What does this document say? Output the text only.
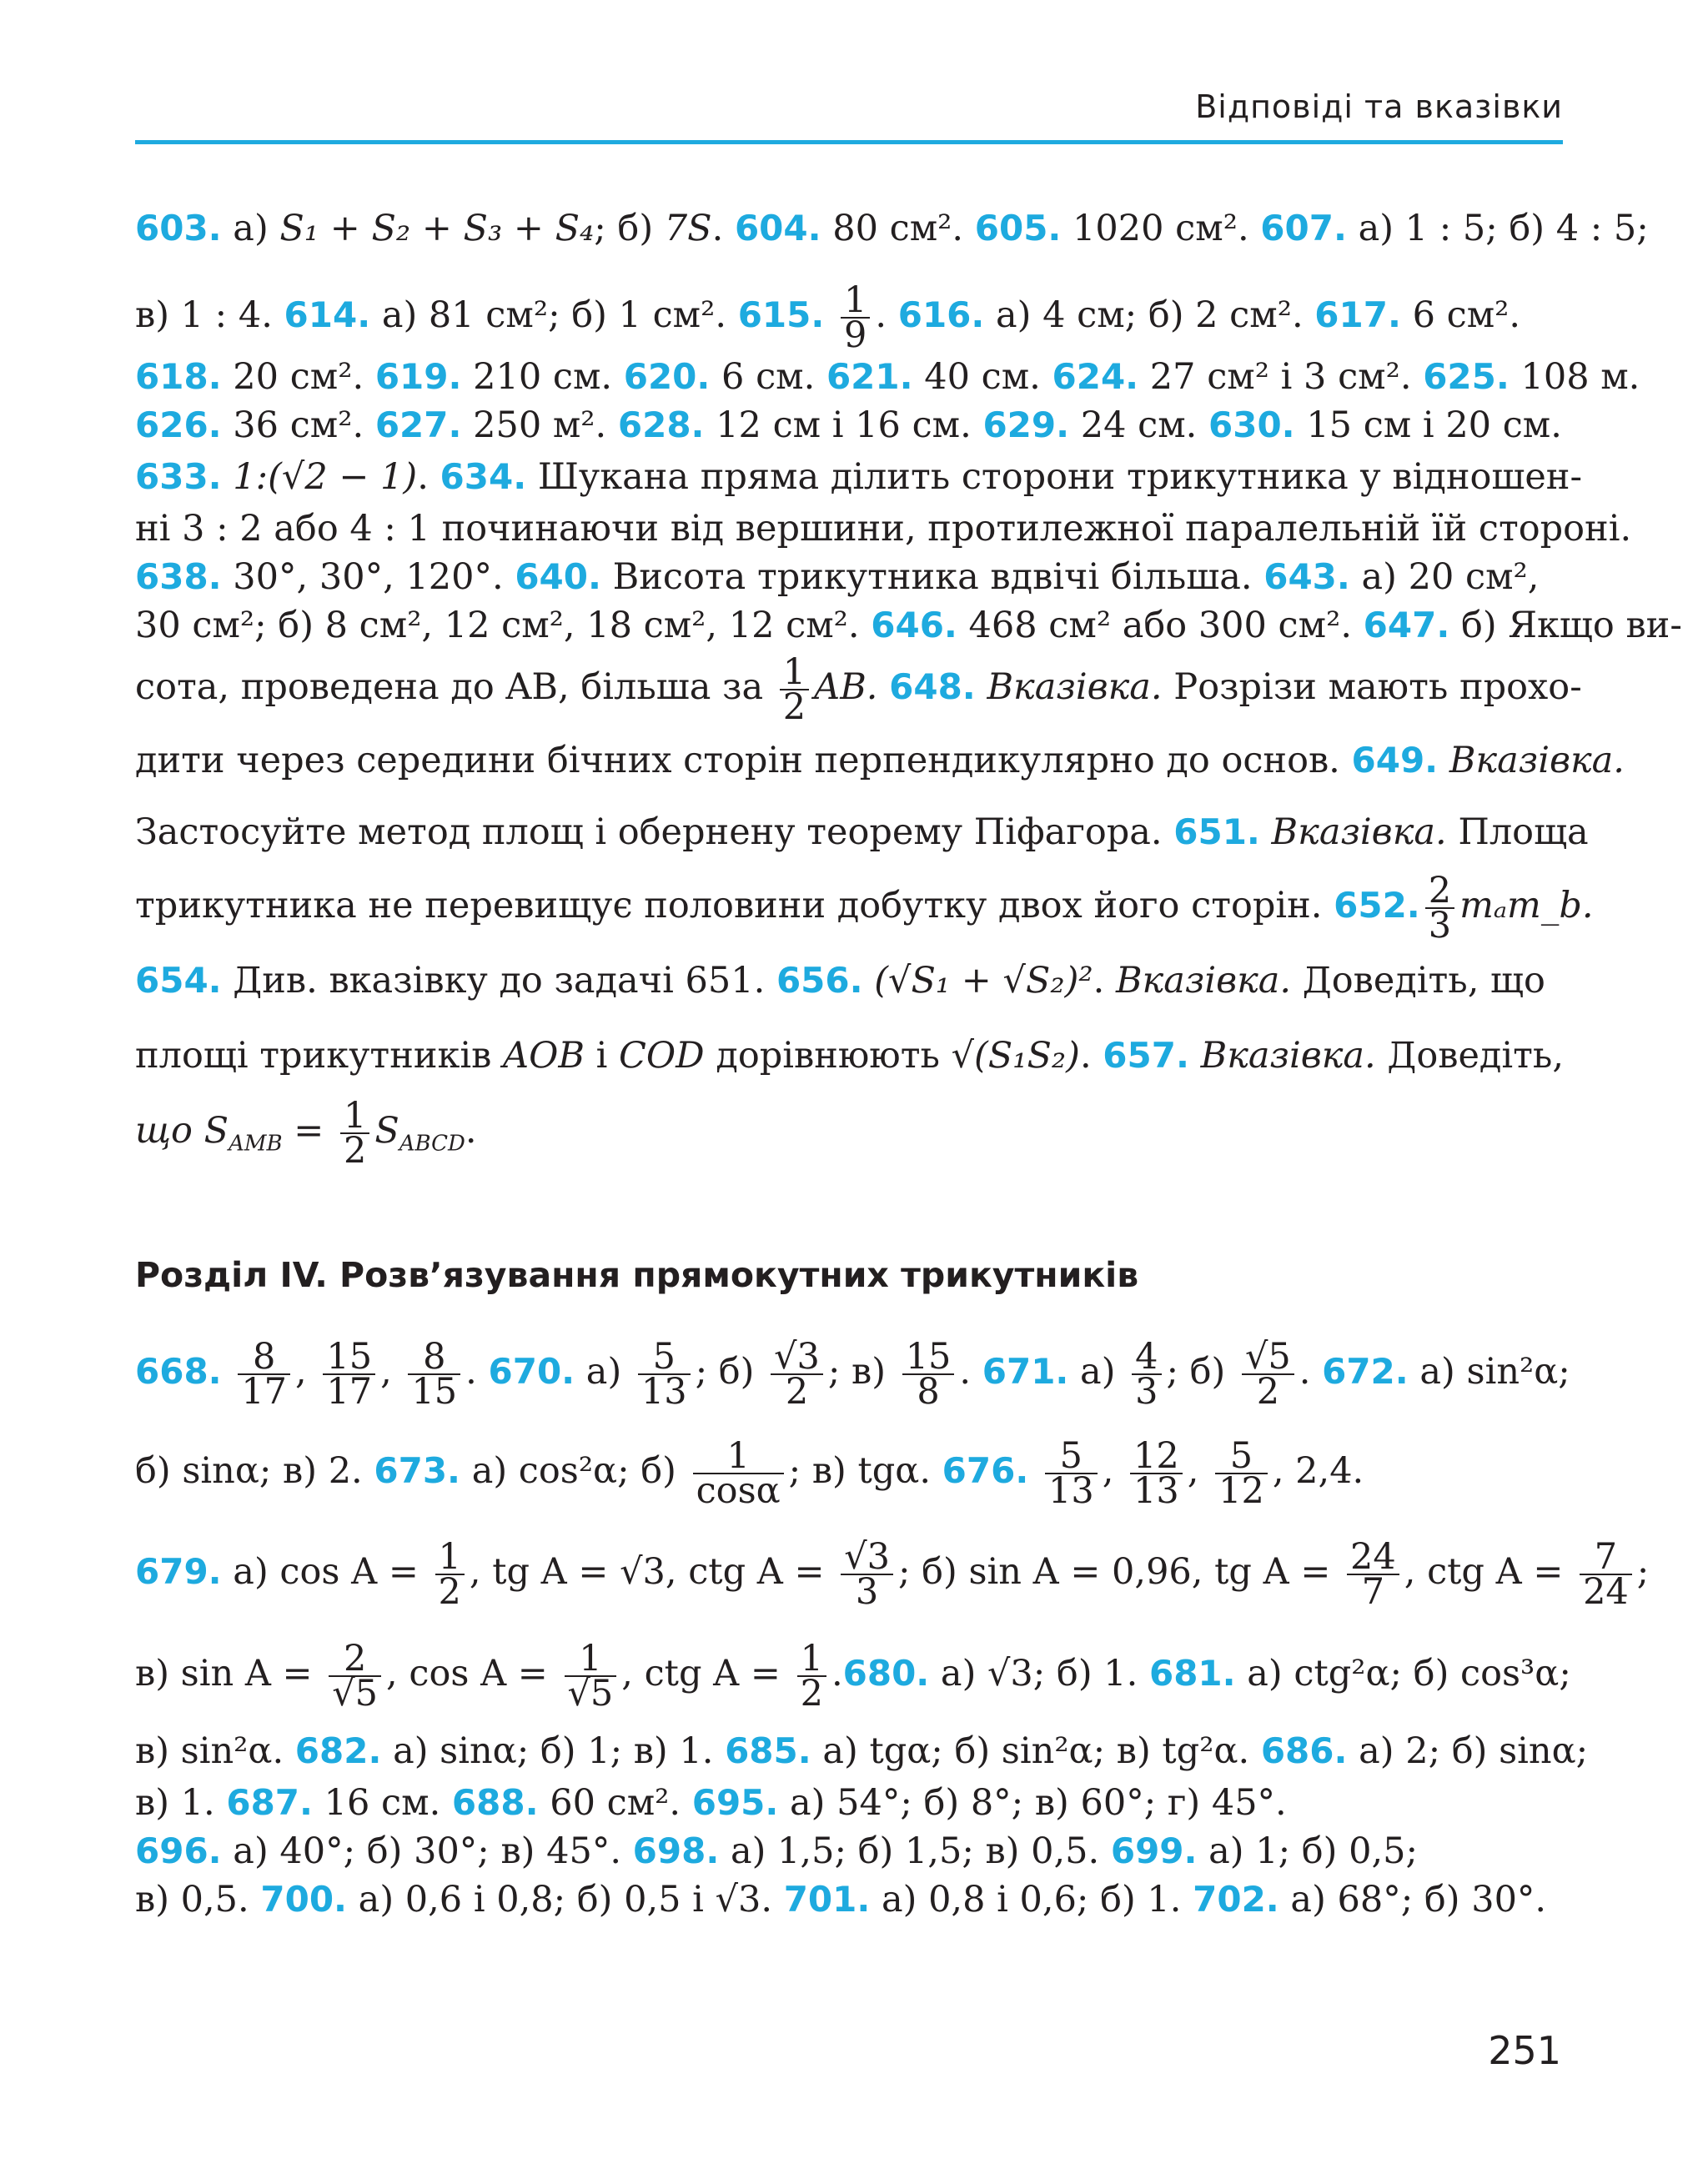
Відповіді та вказівки
603. а) S₁ + S₂ + S₃ + S₄; б) 7S. 604. 80 см². 605. 1020 см². 607. а) 1 : 5; б) 4 : 5;
в) 1 : 4. 614. а) 81 см²; б) 1 см². 615. $\frac{1}{9}$ . 616. а) 4 см; б) 2 см². 617. 6 см².
618. 20 см². 619. 210 см. 620. 6 см. 621. 40 см. 624. 27 см² і 3 см². 625. 108 м.
626. 36 см². 627. 250 м². 628. 12 см і 16 см. 629. 24 см. 630. 15 см і 20 см.
633. 1:(√2 − 1). 634. Шукана пряма ділить сторони трикутника у відношен-
ні 3 : 2 або 4 : 1 починаючи від вершини, протилежної паралельній їй стороні.
638. 30°, 30°, 120°. 640. Висота трикутника вдвічі більша. 643. а) 20 см²,
30 см²; б) 8 см², 12 см², 18 см², 12 см². 646. 468 см² або 300 см². 647. б) Якщо ви-
сота, проведена до AB, більша за $\frac{1}{2}$ AB. 648. Вказівка. Розрізи мають прохо-
дити через середини бічних сторін перпендикулярно до основ. 649. Вказівка.
Застосуйте метод площ і обернену теорему Піфагора. 651. Вказівка. Площа
трикутника не перевищує половини добутку двох його сторін. 652. $\frac{2}{3}$ mₐm_b.
654. Див. вказівку до задачі 651. 656. (√S₁ + √S₂)². Вказівка. Доведіть, що
площі трикутників AOB і COD дорівнюють √(S₁S₂). 657. Вказівка. Доведіть,
що $S_{AMB} = \frac{1}{2} S_{ABCD}$.
Розділ IV. Розв’язування прямокутних трикутників
668. $\frac{8}{17}$ , $\frac{15}{17}$ , $\frac{8}{15}$ . 670. $а) \frac{5}{13}$ ; $б) \frac{√3}{2}$ ; $в) \frac{15}{8}$ . 671. $а) \frac{4}{3}$ ; $б) \frac{√5}{2}$ . 672. а) sin²α;
б) sinα; в) 2. 673. а) cos²α; $б) \frac{1}{\cos\alpha}$ ; в) tgα. 676. $\frac{5}{13}$ , $\frac{12}{13}$ , $\frac{5}{12}$ , 2,4.
679. а) $\cos A = \frac{1}{2}$ , tg A = √3, ctg $A = \frac{√3}{3}$ ; б) sin A = 0,96, tg $A = \frac{24}{7}$ , ctg $A = \frac{7}{24}$ ;
в) $\sin A = \frac{2}{√5}$ , $\cos A = \frac{1}{√5}$ , ctg $A = \frac{1}{2} .680$. а) √3; б) 1. 681. а) ctg²α; б) cos³α;
в) sin²α. 682. а) sinα; б) 1; в) 1. 685. а) tgα; б) sin²α; в) tg²α. 686. а) 2; б) sinα;
в) 1. 687. 16 см. 688. 60 см². 695. а) 54°; б) 8°; в) 60°; г) 45°.
696. а) 40°; б) 30°; в) 45°. 698. а) 1,5; б) 1,5; в) 0,5. 699. а) 1; б) 0,5;
в) 0,5. 700. а) 0,6 і 0,8; б) 0,5 і √3. 701. а) 0,8 і 0,6; б) 1. 702. а) 68°; б) 30°.
251
